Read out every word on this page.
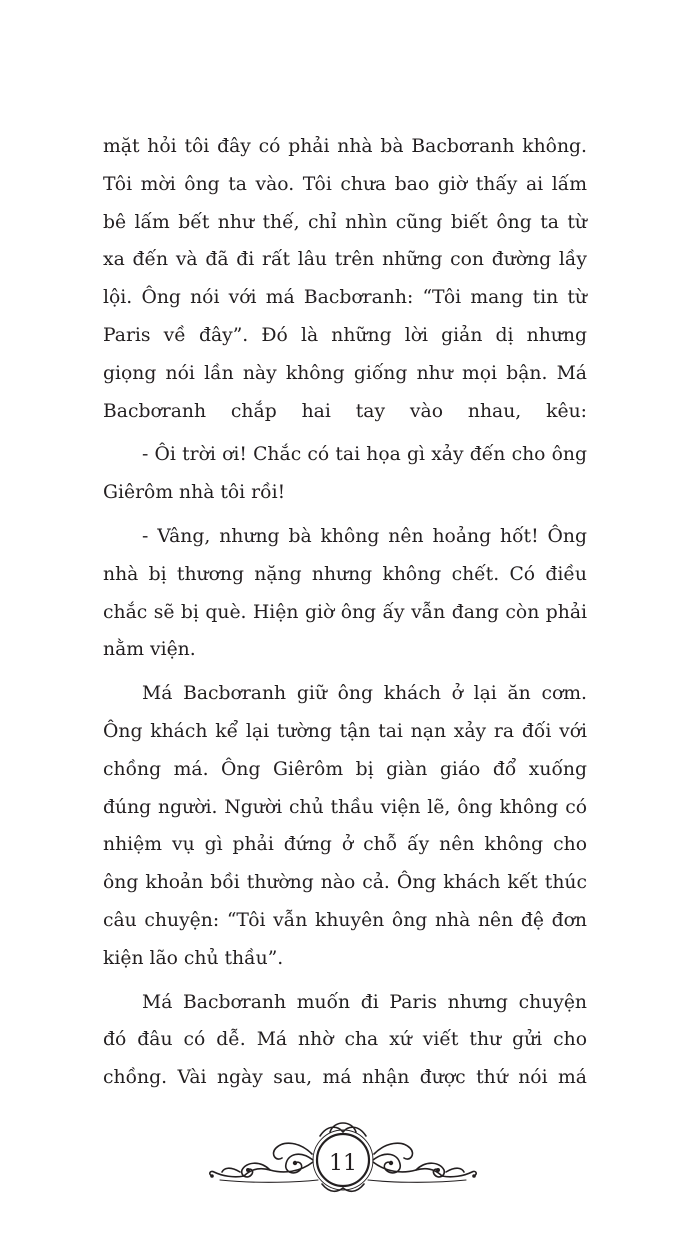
mặt hỏi tôi đây có phải nhà bà Bacbơranh không.
Tôi mời ông ta vào. Tôi chưa bao giờ thấy ai lấm
bê lấm bết như thế, chỉ nhìn cũng biết ông ta từ
xa đến và đã đi rất lâu trên những con đường lầy
lội. Ông nói với má Bacbơranh: “Tôi mang tin từ
Paris về đây”. Đó là những lời giản dị nhưng
giọng nói lần này không giống như mọi bận. Má
Bacbơranh chắp hai tay vào nhau, kêu:
- Ôi trời ơi! Chắc có tai họa gì xảy đến cho ông
Giêrôm nhà tôi rồi!
- Vâng, nhưng bà không nên hoảng hốt! Ông
nhà bị thương nặng nhưng không chết. Có điều
chắc sẽ bị què. Hiện giờ ông ấy vẫn đang còn phải
nằm viện.
Má Bacbơranh giữ ông khách ở lại ăn cơm.
Ông khách kể lại tường tận tai nạn xảy ra đối với
chồng má. Ông Giêrôm bị giàn giáo đổ xuống
đúng người. Người chủ thầu viện lẽ, ông không có
nhiệm vụ gì phải đứng ở chỗ ấy nên không cho
ông khoản bồi thường nào cả. Ông khách kết thúc
câu chuyện: “Tôi vẫn khuyên ông nhà nên đệ đơn
kiện lão chủ thầu”.
Má Bacbơranh muốn đi Paris nhưng chuyện
đó đâu có dễ. Má nhờ cha xứ viết thư gửi cho
chồng. Vài ngày sau, má nhận được thứ nói má
11
